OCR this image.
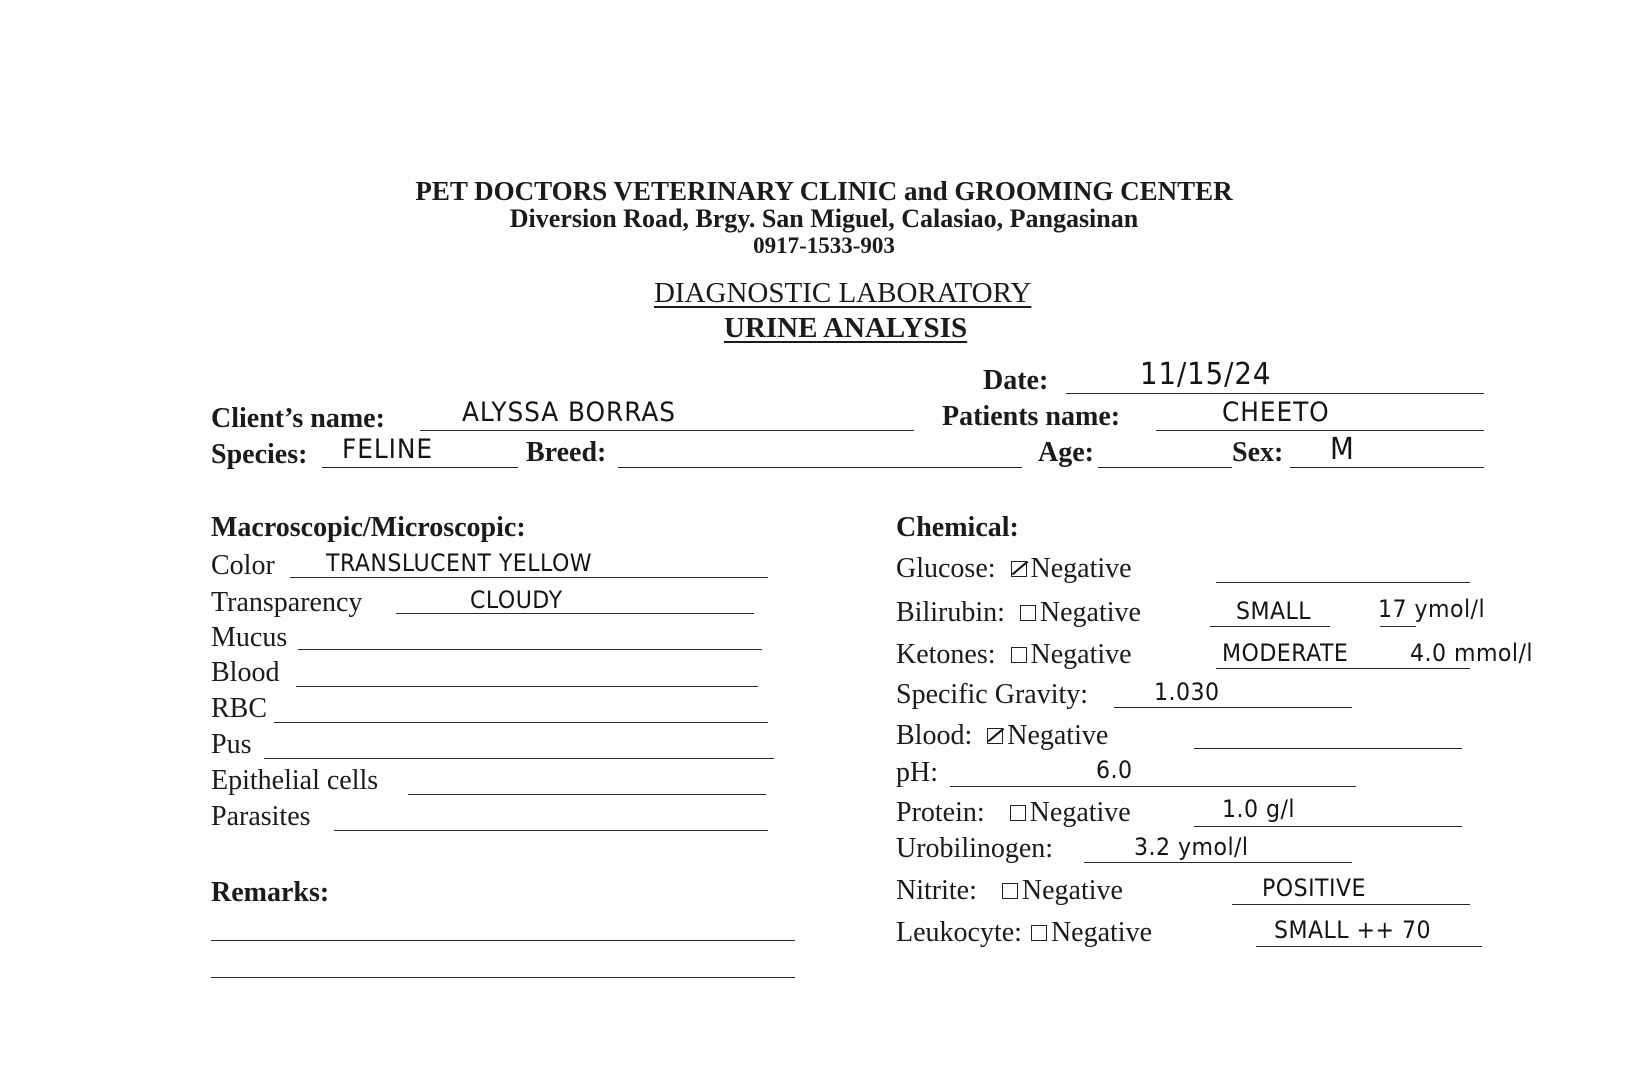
PET DOCTORS VETERINARY CLINIC and GROOMING CENTER
Diversion Road, Brgy. San Miguel, Calasiao, Pangasinan
0917-1533-903
DIAGNOSTIC LABORATORY
URINE ANALYSIS
Date:	11/15/24
Client’s name:	ALYSSA BORRAS	Patients name:	CHEETO
Species: FELINE	Breed:	Age:	Sex: M
Macroscopic/Microscopic:
Color TRANSLUCENT YELLOW
Transparency	CLOUDY
Mucus
Blood
RBC
Pus
Epithelial cells
Parasites
Remarks:
Chemical:
Glucose: Negative
Bilirubin: Negative	SMALL	17 ymol/l
Ketones: Negative	MODERATE	4.0 mmol/l
Specific Gravity:	1.030
Blood: Negative
pH:	6.0
Protein: Negative	1.0 g/l
Urobilinogen:	3.2 ymol/l
Nitrite: Negative	POSITIVE
Leukocyte: Negative	SMALL ++ 70
